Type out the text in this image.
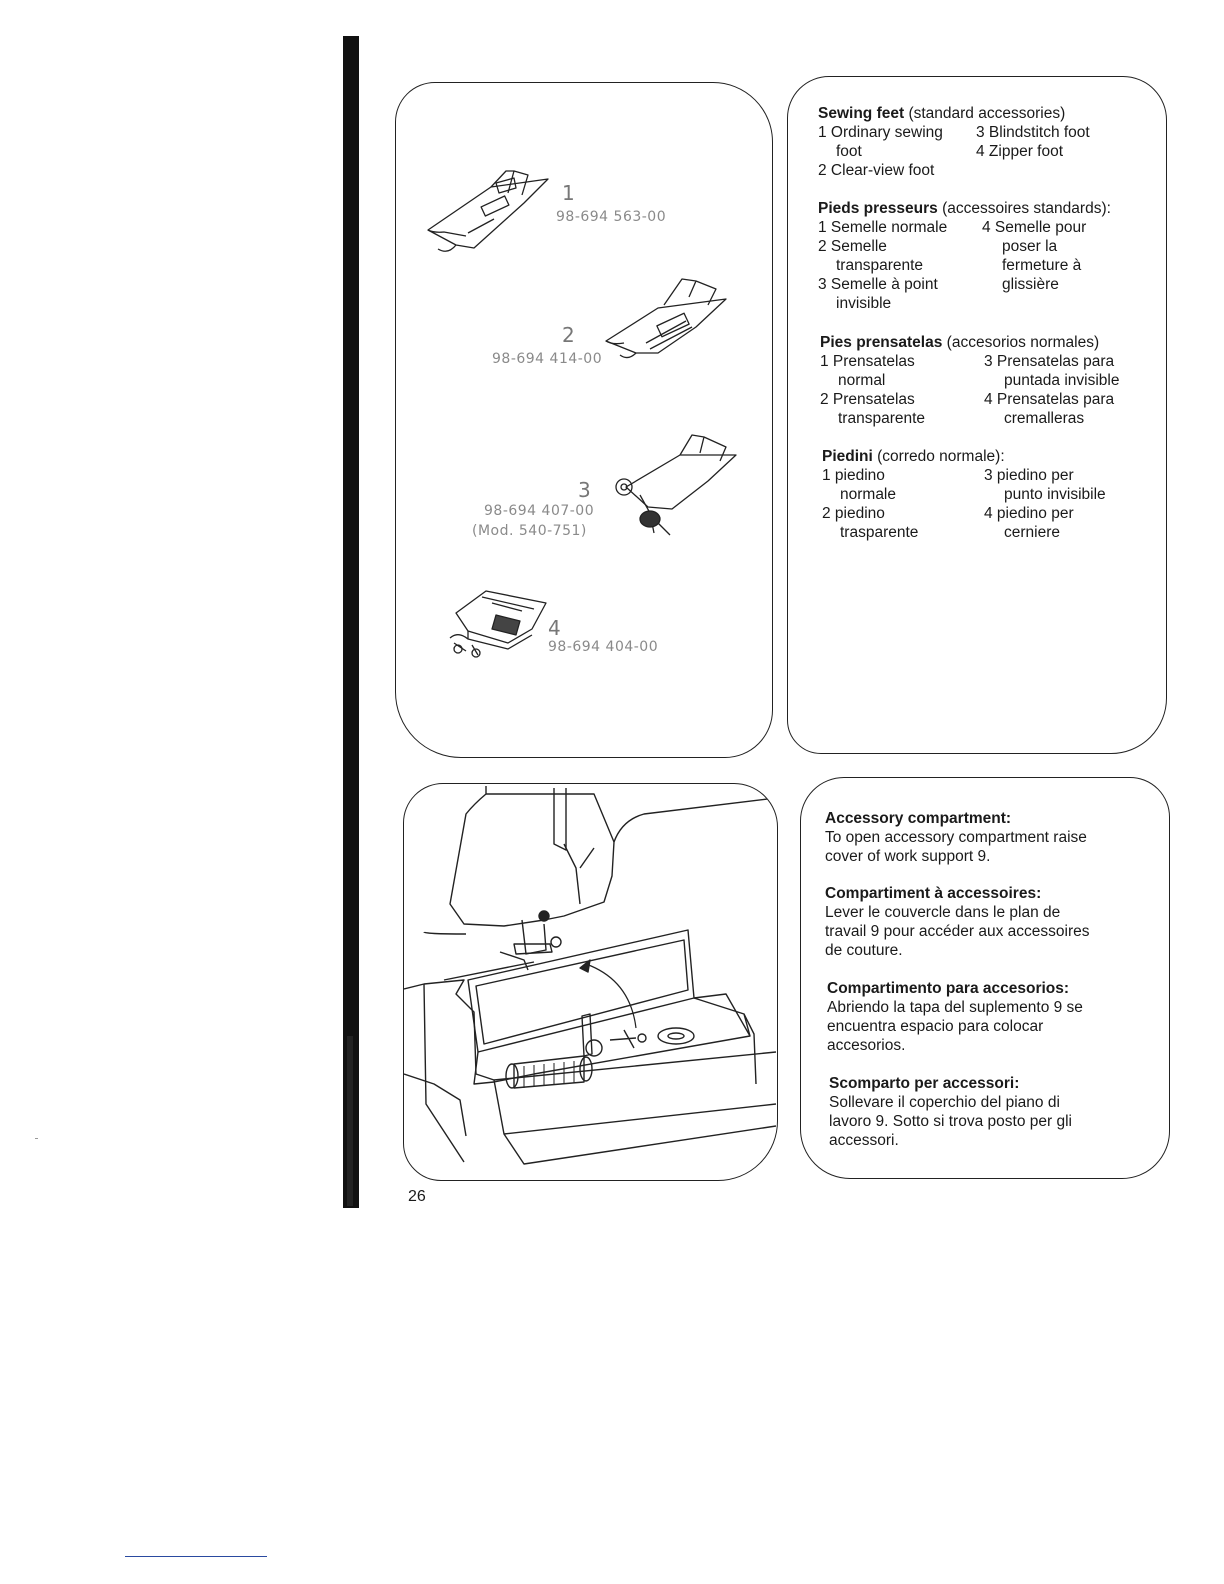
1
98-694 563-00
2
98-694 414-00
3
98-694 407-00
(Mod. 540-751)
4
98-694 404-00
Sewing feet (standard accessories)
1 Ordinary sewing
foot
2 Clear-view foot
3 Blindstitch foot
4 Zipper foot
Pieds presseurs (accessoires standards):
1 Semelle normale
2 Semelle
transparente
3 Semelle à point
invisible
4 Semelle pour
poser la
fermeture à
glissière
Pies prensatelas (accesorios normales)
1 Prensatelas
normal
2 Prensatelas
transparente
3 Prensatelas para
puntada invisible
4 Prensatelas para
cremalleras
Piedini (corredo normale):
1 piedino
normale
2 piedino
trasparente
3 piedino per
punto invisibile
4 piedino per
cerniere
Accessory compartment:
To open accessory compartment raise
cover of work support 9.
Compartiment à accessoires:
Lever le couvercle dans le plan de
travail 9 pour accéder aux accessoires
de couture.
Compartimento para accesorios:
Abriendo la tapa del suplemento 9 se
encuentra espacio para colocar
accesorios.
Scomparto per accessori:
Sollevare il coperchio del piano di
lavoro 9. Sotto si trova posto per gli
accessori.
26
